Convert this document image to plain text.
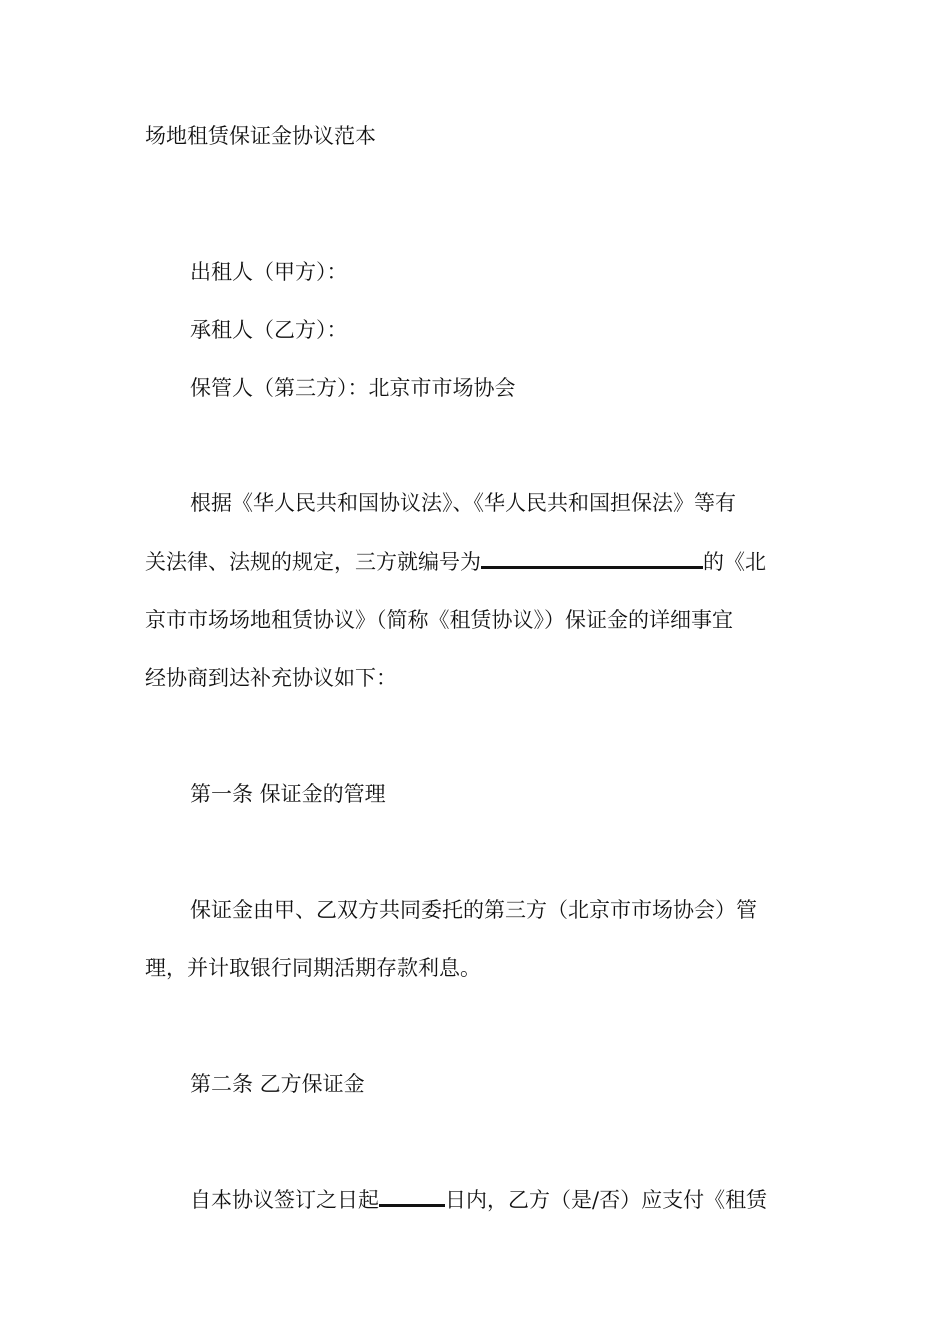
场地租赁保证金协议范本
出租人（甲方）：
承租人（乙方）：
保管人（第三方）：北京市市场协会
根据《华人民共和国协议法》、《华人民共和国担保法》等有
关法律、法规的规定，三方就编号为	的《北
京市市场场地租赁协议》（简称《租赁协议》）保证金的详细事宜
经协商到达补充协议如下：
第一条 保证金的管理
保证金由甲、乙双方共同委托的第三方（北京市市场协会）管
理，并计取银行同期活期存款利息。
第二条 乙方保证金
自本协议签订之日起	日内，乙方（是/否）应支付《租赁
